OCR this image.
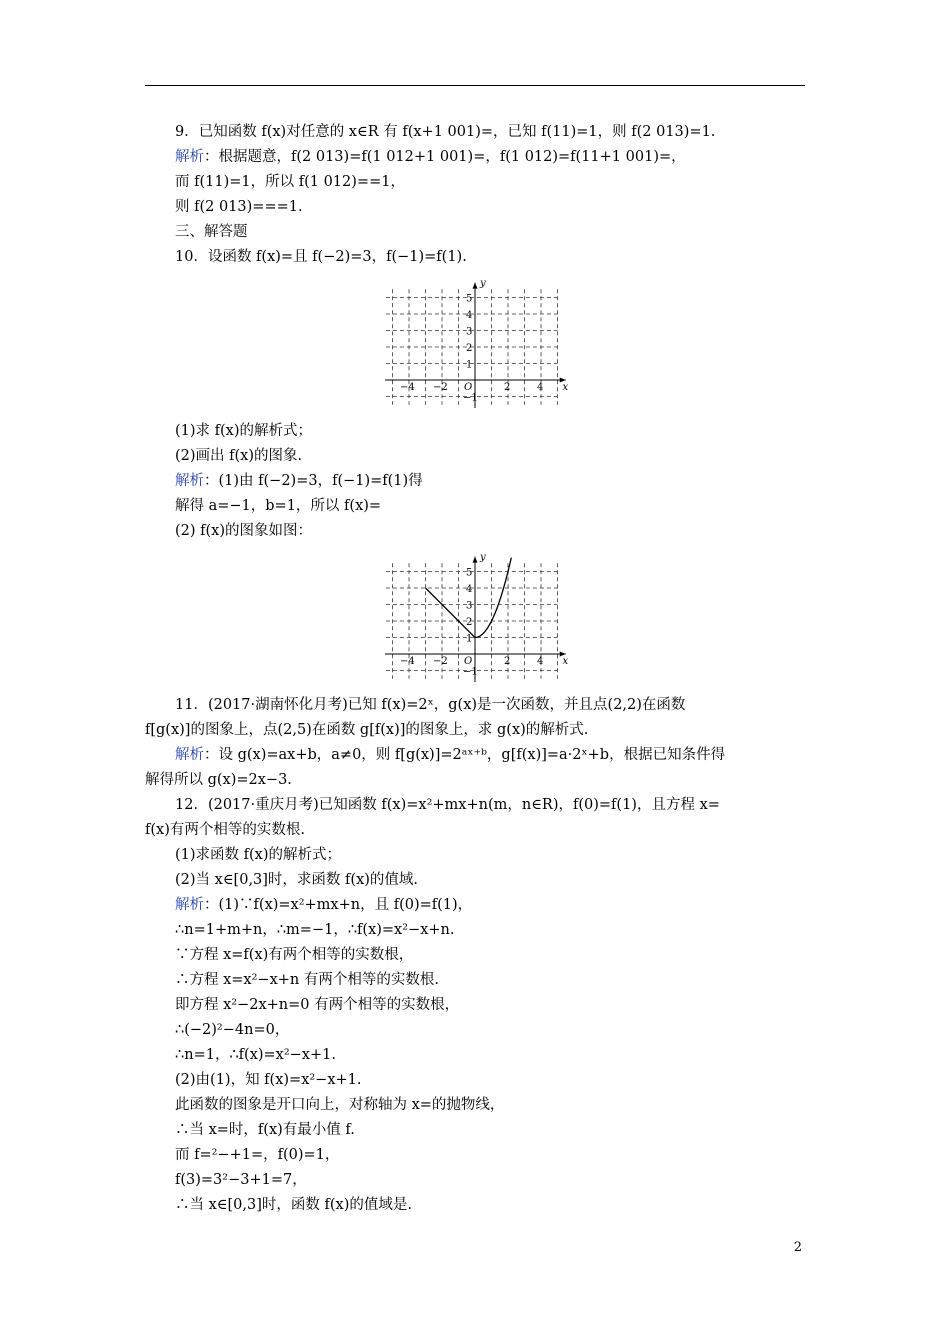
9．已知函数 f(x)对任意的 x∈R 有 f(x+1 001)=，已知 f(11)=1，则 f(2 013)=1.
解析：根据题意，f(2 013)=f(1 012+1 001)=，f(1 012)=f(11+1 001)=，
而 f(11)=1，所以 f(1 012)==1，
则 f(2 013)===1.
三、解答题
10．设函数 f(x)=且 f(−2)=3，f(−1)=f(1).
x
y
O
−4 −2	2	4
5
4
3
2
1
−1
(1)求 f(x)的解析式；
(2)画出 f(x)的图象.
解析：(1)由 f(−2)=3，f(−1)=f(1)得
解得 a=−1，b=1，所以 f(x)=
(2) f(x)的图象如图：
x
y
O
−4 −2	2	4
5
4
3
2
1
−1
11．(2017·湖南怀化月考)已知 f(x)=2ˣ，g(x)是一次函数，并且点(2,2)在函数
f[g(x)]的图象上，点(2,5)在函数 g[f(x)]的图象上，求 g(x)的解析式.
解析：设 g(x)=ax+b，a≠0，则 f[g(x)]=2ᵃˣ⁺ᵇ，g[f(x)]=a·2ˣ+b，根据已知条件得
解得所以 g(x)=2x−3.
12．(2017·重庆月考)已知函数 f(x)=x²+mx+n(m，n∈R)，f(0)=f(1)，且方程 x=
f(x)有两个相等的实数根.
(1)求函数 f(x)的解析式；
(2)当 x∈[0,3]时，求函数 f(x)的值域.
解析：(1)∵f(x)=x²+mx+n，且 f(0)=f(1)，
∴n=1+m+n，∴m=−1，∴f(x)=x²−x+n.
∵方程 x=f(x)有两个相等的实数根，
∴方程 x=x²−x+n 有两个相等的实数根.
即方程 x²−2x+n=0 有两个相等的实数根，
∴(−2)²−4n=0，
∴n=1，∴f(x)=x²−x+1.
(2)由(1)，知 f(x)=x²−x+1.
此函数的图象是开口向上，对称轴为 x=的抛物线，
∴当 x=时，f(x)有最小值 f.
而 f=²−+1=，f(0)=1，
f(3)=3²−3+1=7，
∴当 x∈[0,3]时，函数 f(x)的值域是.
2
